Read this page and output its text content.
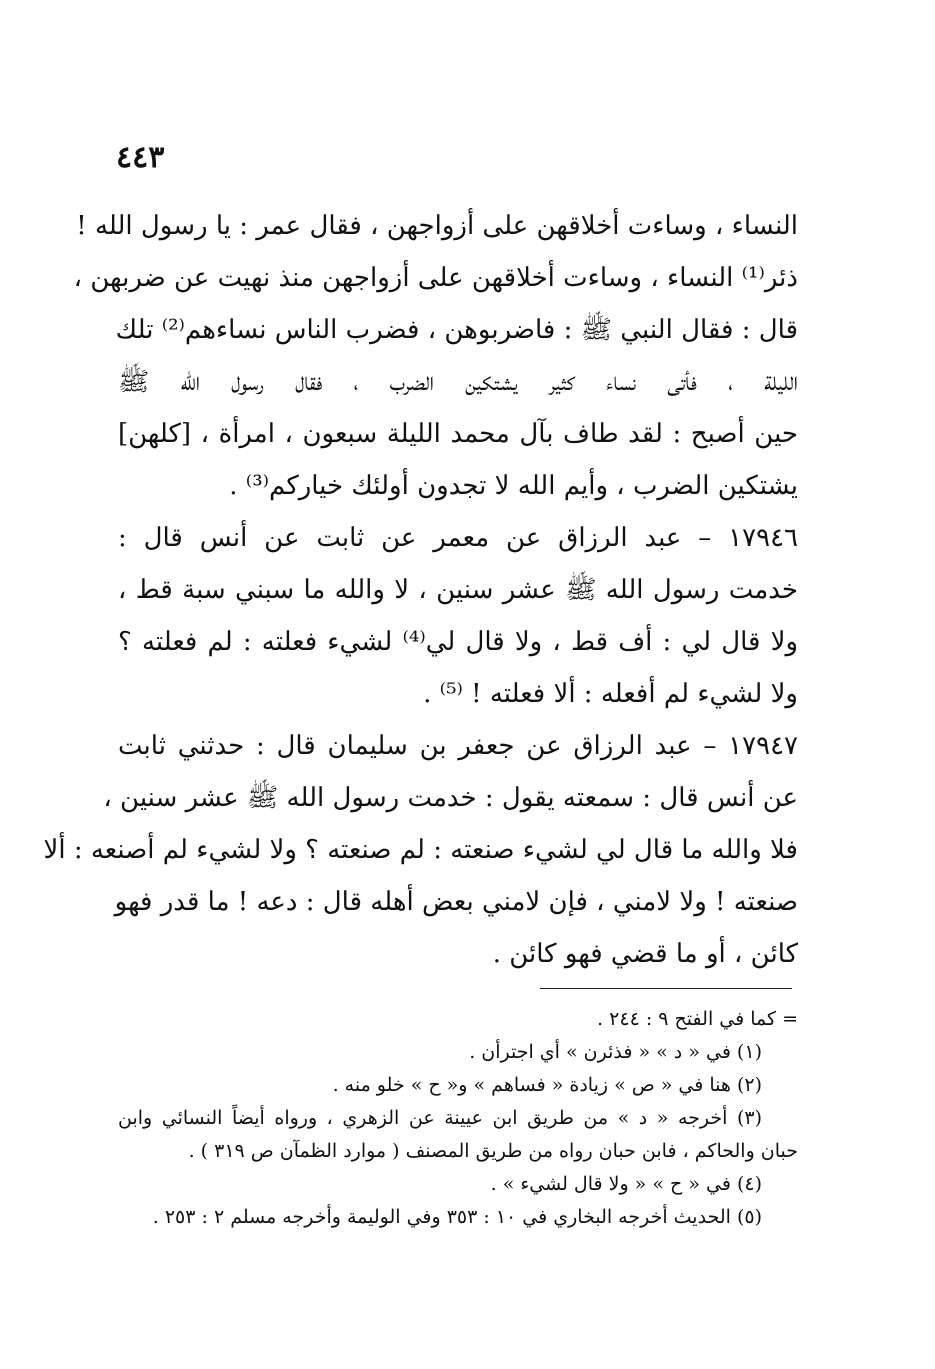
٤٤٣
النساء ، وساءت أخلاقهن على أزواجهن ، فقال عمر : يا رسول الله !
ذئر⁽¹⁾ النساء ، وساءت أخلاقهن على أزواجهن منذ نهيت عن ضربهن ،
قال : فقال النبي ﷺ : فاضربوهن ، فضرب الناس نساءهم⁽²⁾ تلك
الليلة ، فأتى نساء كثير يشتكين الضرب ، فقال رسول الله ﷺ
حين أصبح : لقد طاف بآل محمد الليلة سبعون ، امرأة ، [كلهن]
يشتكين الضرب ، وأيم الله لا تجدون أولئك خياركم⁽³⁾ .
١٧٩٤٦ – عبد الرزاق عن معمر عن ثابت عن أنس قال :
خدمت رسول الله ﷺ عشر سنين ، لا والله ما سبني سبة قط ،
ولا قال لي : أف قط ، ولا قال لي⁽⁴⁾ لشيء فعلته : لم فعلته ؟
ولا لشيء لم أفعله : ألا فعلته ! ⁽⁵⁾ .
١٧٩٤٧ – عبد الرزاق عن جعفر بن سليمان قال : حدثني ثابت
عن أنس قال : سمعته يقول : خدمت رسول الله ﷺ عشر سنين ،
فلا والله ما قال لي لشيء صنعته : لم صنعته ؟ ولا لشيء لم أصنعه : ألا
صنعته ! ولا لامني ، فإن لامني بعض أهله قال : دعه ! ما قدر فهو
كائن ، أو ما قضي فهو كائن .
= كما في الفتح ٩ : ٢٤٤ .
(١) في « د » « فذئرن » أي اجترأن .
(٢) هنا في « ص » زيادة « فساهم » و« ح » خلو منه .
(٣) أخرجه « د » من طريق ابن عيينة عن الزهري ، ورواه أيضاً النسائي وابن
حبان والحاكم ، فابن حبان رواه من طريق المصنف ( موارد الظمآن ص ٣١٩ ) .
(٤) في « ح » « ولا قال لشيء » .
(٥) الحديث أخرجه البخاري في ١٠ : ٣٥٣ وفي الوليمة وأخرجه مسلم ٢ : ٢٥٣ .
